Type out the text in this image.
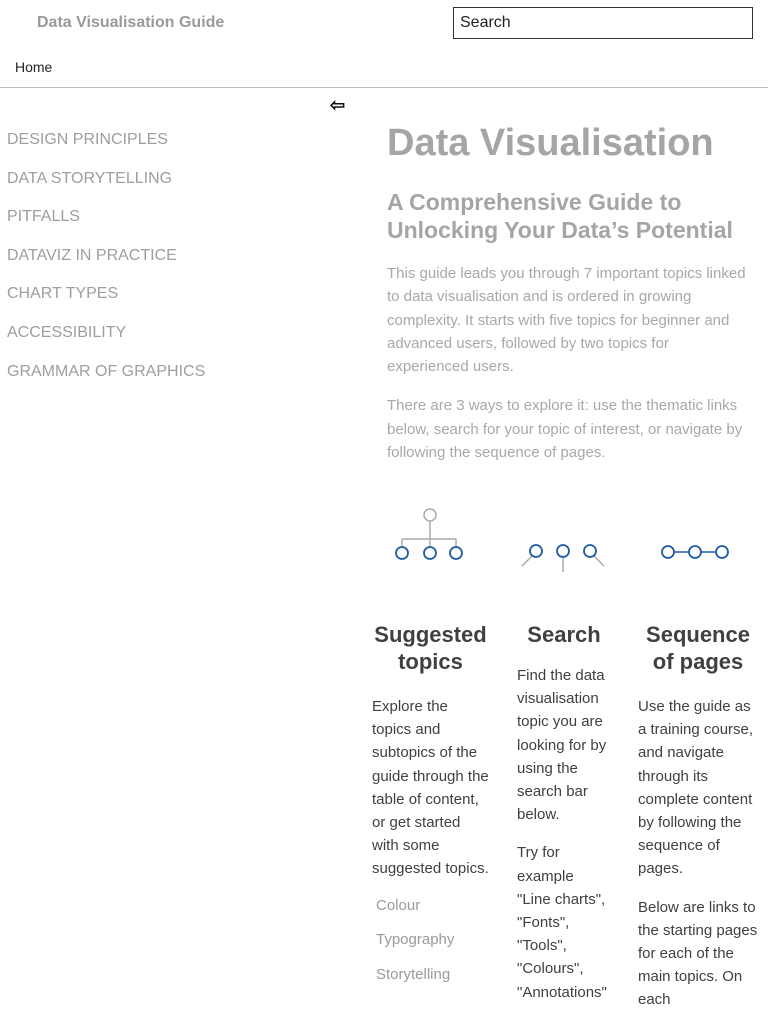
Data Visualisation Guide
Search
Home
⇦
DESIGN PRINCIPLES
DATA STORYTELLING
PITFALLS
DATAVIZ IN PRACTICE
CHART TYPES
ACCESSIBILITY
GRAMMAR OF GRAPHICS
Data Visualisation
A Comprehensive Guide to Unlocking Your Data’s Potential

This guide leads you through 7 important topics linked to data visualisation and is ordered in growing complexity. It starts with five topics for beginner and advanced users, followed by two topics for experienced users.

There are 3 ways to explore it: use the thematic links below, search for your topic of interest, or navigate by following the sequence of pages.

Suggested topics

Explore the topics and subtopics of the guide through the table of content, or get started with some suggested topics.

Colour
Typography
Storytelling
Search

Find the data visualisation topic you are looking for by using the search bar below.

Try for example "Line charts", "Fonts", "Tools", "Colours", "Annotations"

Sequence of pages

Use the guide as a training course, and navigate through its complete content by following the sequence of pages.

Below are links to the starting pages for each of the main topics. On each
